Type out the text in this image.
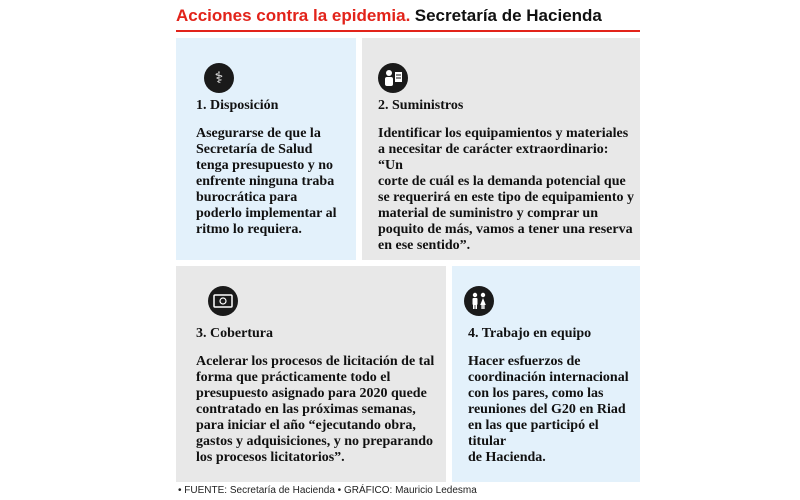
Acciones contra la epidemia. Secretaría de Hacienda
⚕
1. Disposición
Asegurarse de que la
Secretaría de Salud
tenga presupuesto y no
enfrente ninguna traba
burocrática para
poderlo implementar al
ritmo lo requiera.
2. Suministros
Identificar los equipamientos y materiales
a necesitar de carácter extraordinario: “Un
corte de cuál es la demanda potencial que
se requerirá en este tipo de equipamiento y
material de suministro y comprar un
poquito de más, vamos a tener una reserva
en ese sentido”.
3. Cobertura
Acelerar los procesos de licitación de tal
forma que prácticamente todo el
presupuesto asignado para 2020 quede
contratado en las próximas semanas,
para iniciar el año “ejecutando obra,
gastos y adquisiciones, y no preparando
los procesos licitatorios”.
4. Trabajo en equipo
Hacer esfuerzos de
coordinación internacional
con los pares, como las
reuniones del G20 en Riad
en las que participó el titular
de Hacienda.
• FUENTE: Secretaría de Hacienda • GRÁFICO: Mauricio Ledesma
